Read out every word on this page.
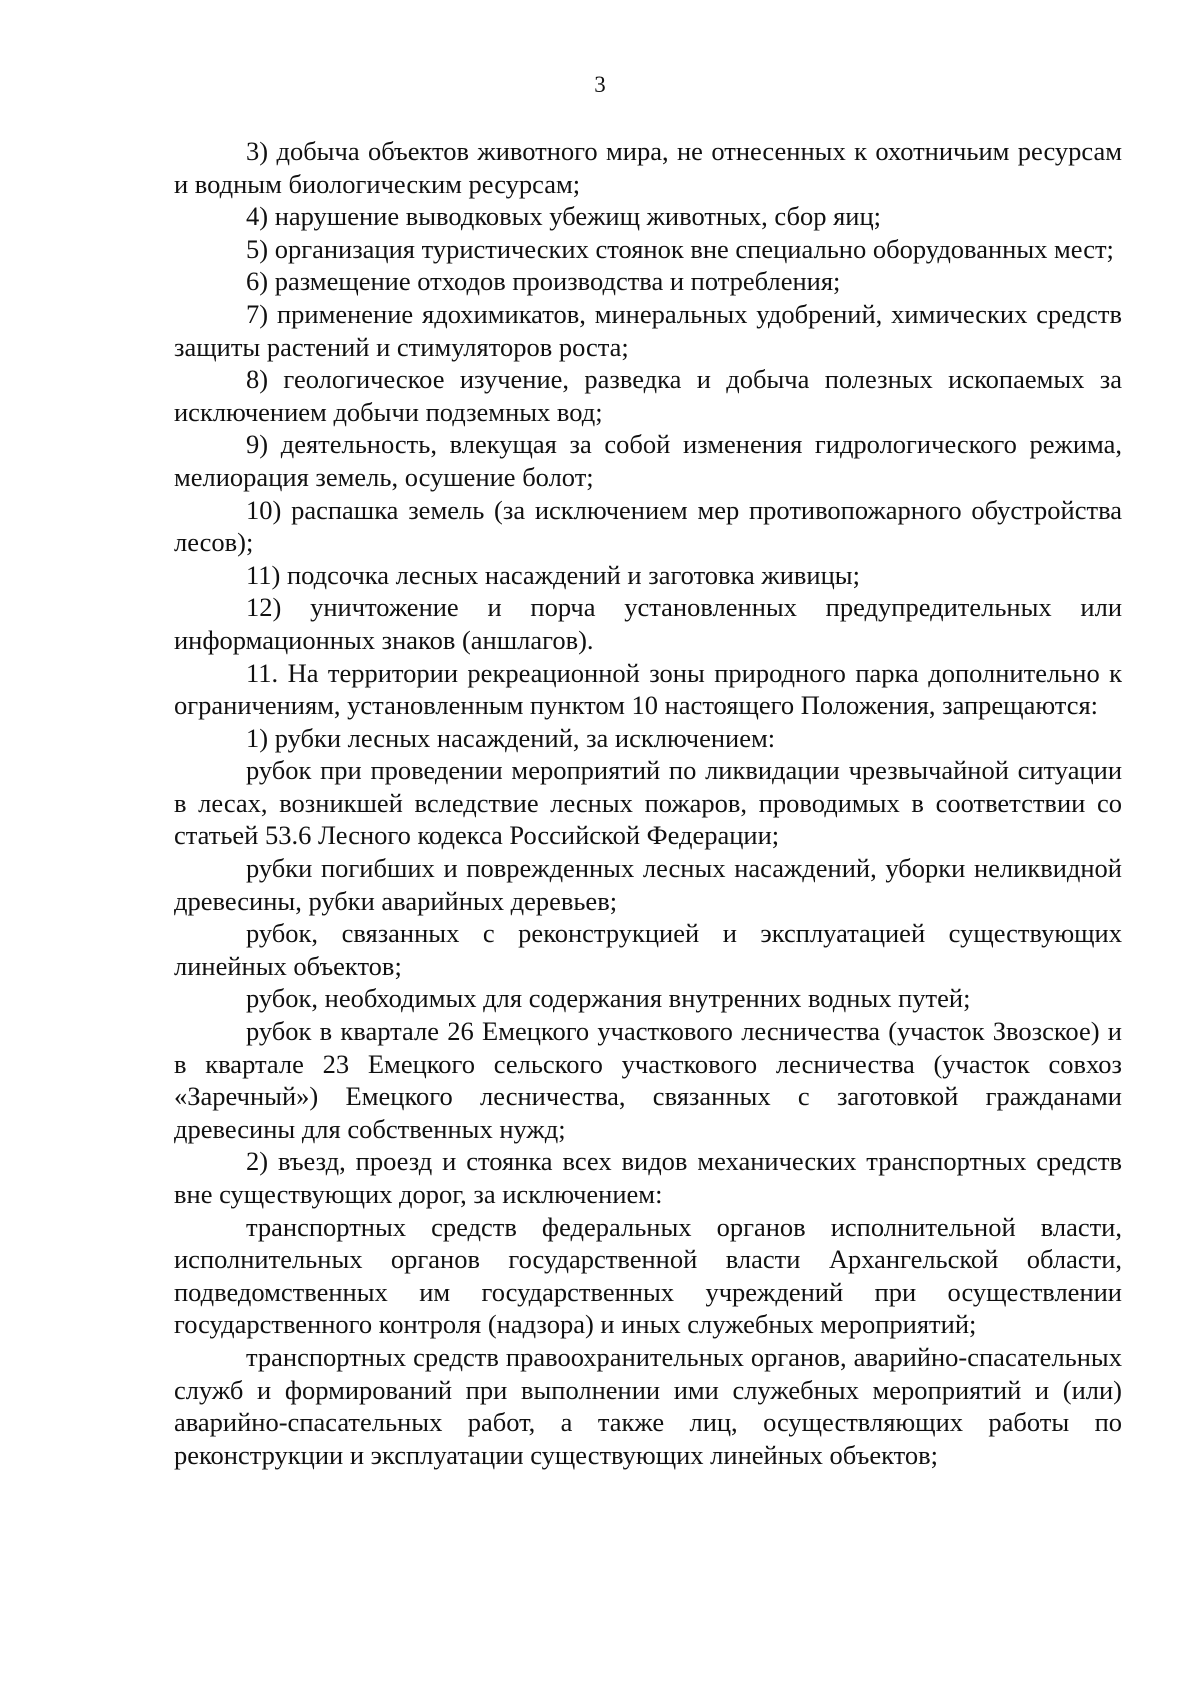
3

3) добыча объектов животного мира, не отнесенных к охотничьим ресурсам и водным биологическим ресурсам;

4) нарушение выводковых убежищ животных, сбор яиц;

5) организация туристических стоянок вне специально оборудованных мест;

6) размещение отходов производства и потребления;

7) применение ядохимикатов, минеральных удобрений, химических средств защиты растений и стимуляторов роста;

8) геологическое изучение, разведка и добыча полезных ископаемых за исключением добычи подземных вод;

9) деятельность, влекущая за собой изменения гидрологического режима, мелиорация земель, осушение болот;

10) распашка земель (за исключением мер противопожарного обустройства лесов);

11) подсочка лесных насаждений и заготовка живицы;

12) уничтожение и порча установленных предупредительных или информационных знаков (аншлагов).

11. На территории рекреационной зоны природного парка дополнительно к ограничениям, установленным пунктом 10 настоящего Положения, запрещаются:

1) рубки лесных насаждений, за исключением:

рубок при проведении мероприятий по ликвидации чрезвычайной ситуации в лесах, возникшей вследствие лесных пожаров, проводимых в соответствии со статьей 53.6 Лесного кодекса Российской Федерации;

рубки погибших и поврежденных лесных насаждений, уборки неликвидной древесины, рубки аварийных деревьев;

рубок, связанных с реконструкцией и эксплуатацией существующих линейных объектов;

рубок, необходимых для содержания внутренних водных путей;

рубок в квартале 26 Емецкого участкового лесничества (участок Звозское) и в квартале 23 Емецкого сельского участкового лесничества (участок совхоз «Заречный») Емецкого лесничества, связанных с заготовкой гражданами древесины для собственных нужд;

2) въезд, проезд и стоянка всех видов механических транспортных средств вне существующих дорог, за исключением:

транспортных средств федеральных органов исполнительной власти, исполнительных органов государственной власти Архангельской области, подведомственных им государственных учреждений при осуществлении государственного контроля (надзора) и иных служебных мероприятий;

транспортных средств правоохранительных органов, аварийно-спасательных служб и формирований при выполнении ими служебных мероприятий и (или) аварийно-спасательных работ, а также лиц, осуществляющих работы по реконструкции и эксплуатации существующих линейных объектов;
